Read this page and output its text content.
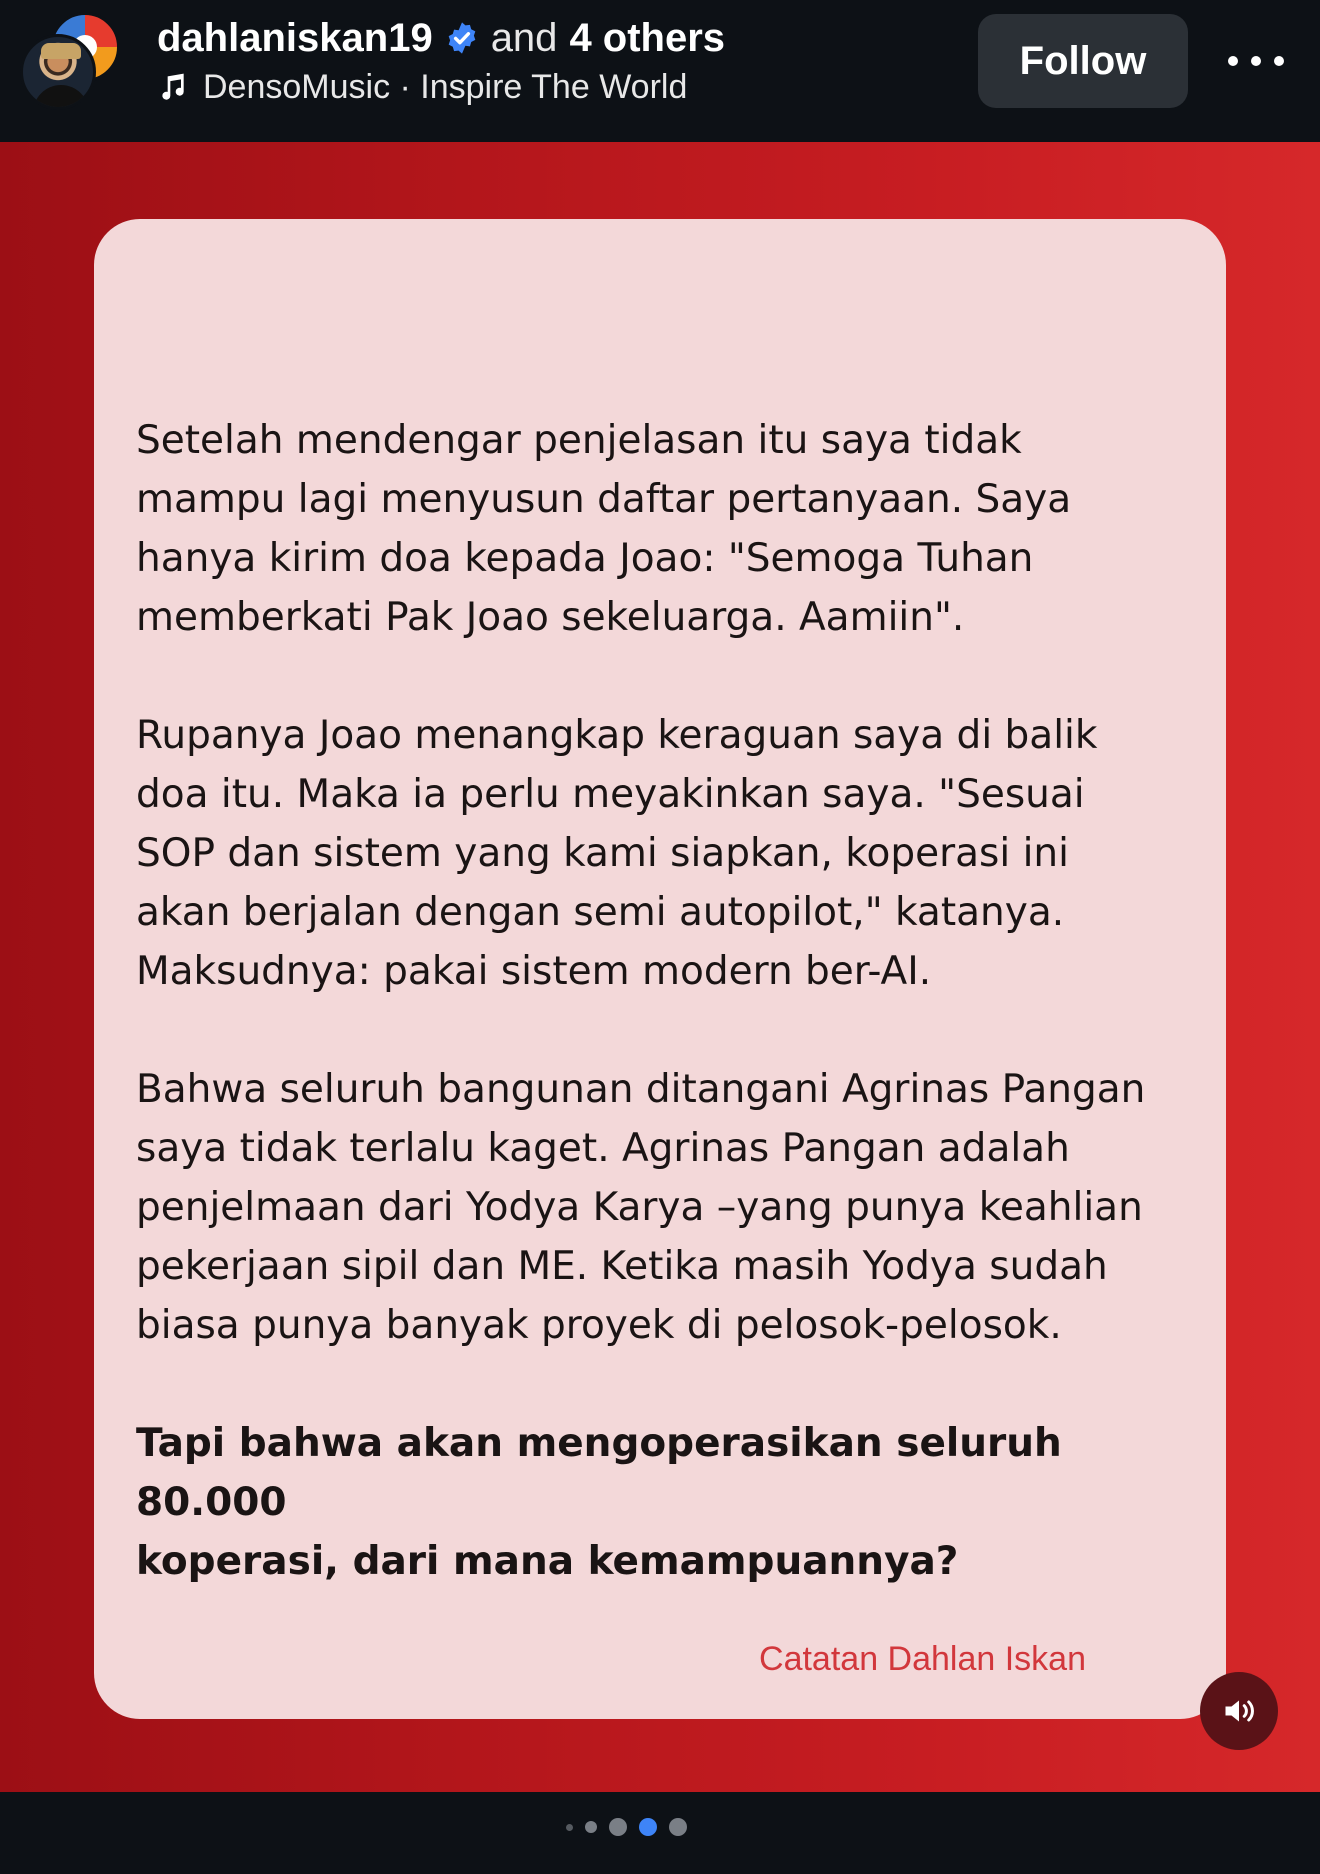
dahlaniskan19 and 4 others
DensoMusic · Inspire The World
Follow

Setelah mendengar penjelasan itu saya tidak
mampu lagi menyusun daftar pertanyaan. Saya
hanya kirim doa kepada Joao: "Semoga Tuhan
memberkati Pak Joao sekeluarga. Aamiin".

Rupanya Joao menangkap keraguan saya di balik
doa itu. Maka ia perlu meyakinkan saya. "Sesuai
SOP dan sistem yang kami siapkan, koperasi ini
akan berjalan dengan semi autopilot," katanya.
Maksudnya: pakai sistem modern ber-AI.

Bahwa seluruh bangunan ditangani Agrinas Pangan
saya tidak terlalu kaget. Agrinas Pangan adalah
penjelmaan dari Yodya Karya –yang punya keahlian
pekerjaan sipil dan ME. Ketika masih Yodya sudah
biasa punya banyak proyek di pelosok-pelosok.

Tapi bahwa akan mengoperasikan seluruh 80.000
koperasi, dari mana kemampuannya?

Catatan Dahlan Iskan
